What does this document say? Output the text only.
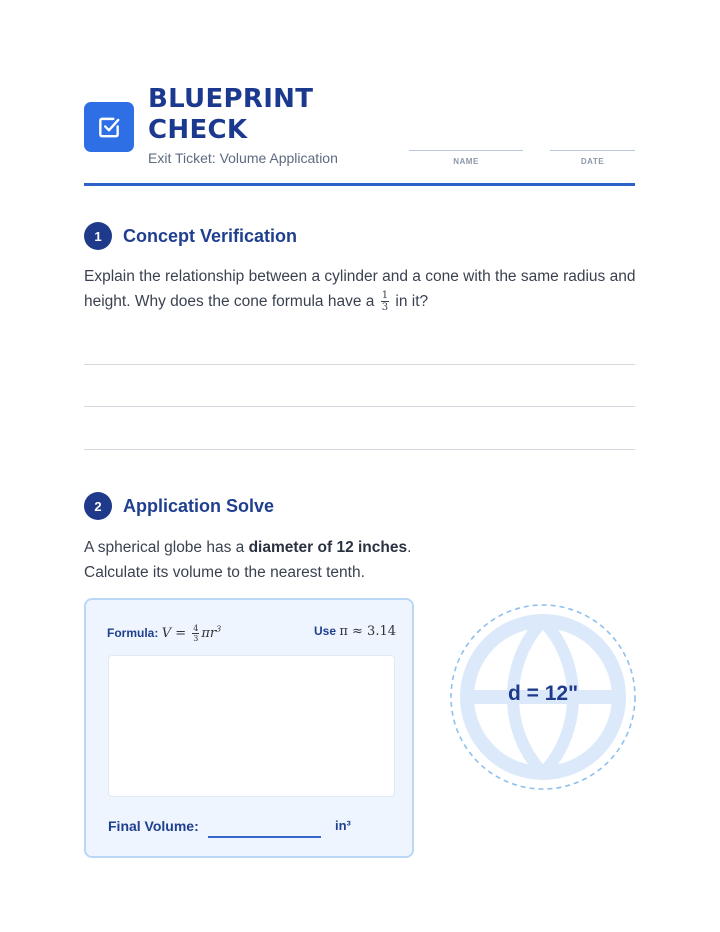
BLUEPRINT
CHECK
Exit Ticket: Volume Application	NAME	DATE
1	Concept Verification
Explain the relationship between a cylinder and a cone with the same radius and height. Why does the cone formula have a $\frac{1}{3}$ in it?
2	Application Solve
A spherical globe has a diameter of 12 inches.
Calculate its volume to the nearest tenth.
Formula: $V = \frac{4}{3} \pi r^3$	Use π ≈ 3.14
Final Volume:	in³
d = 12"
